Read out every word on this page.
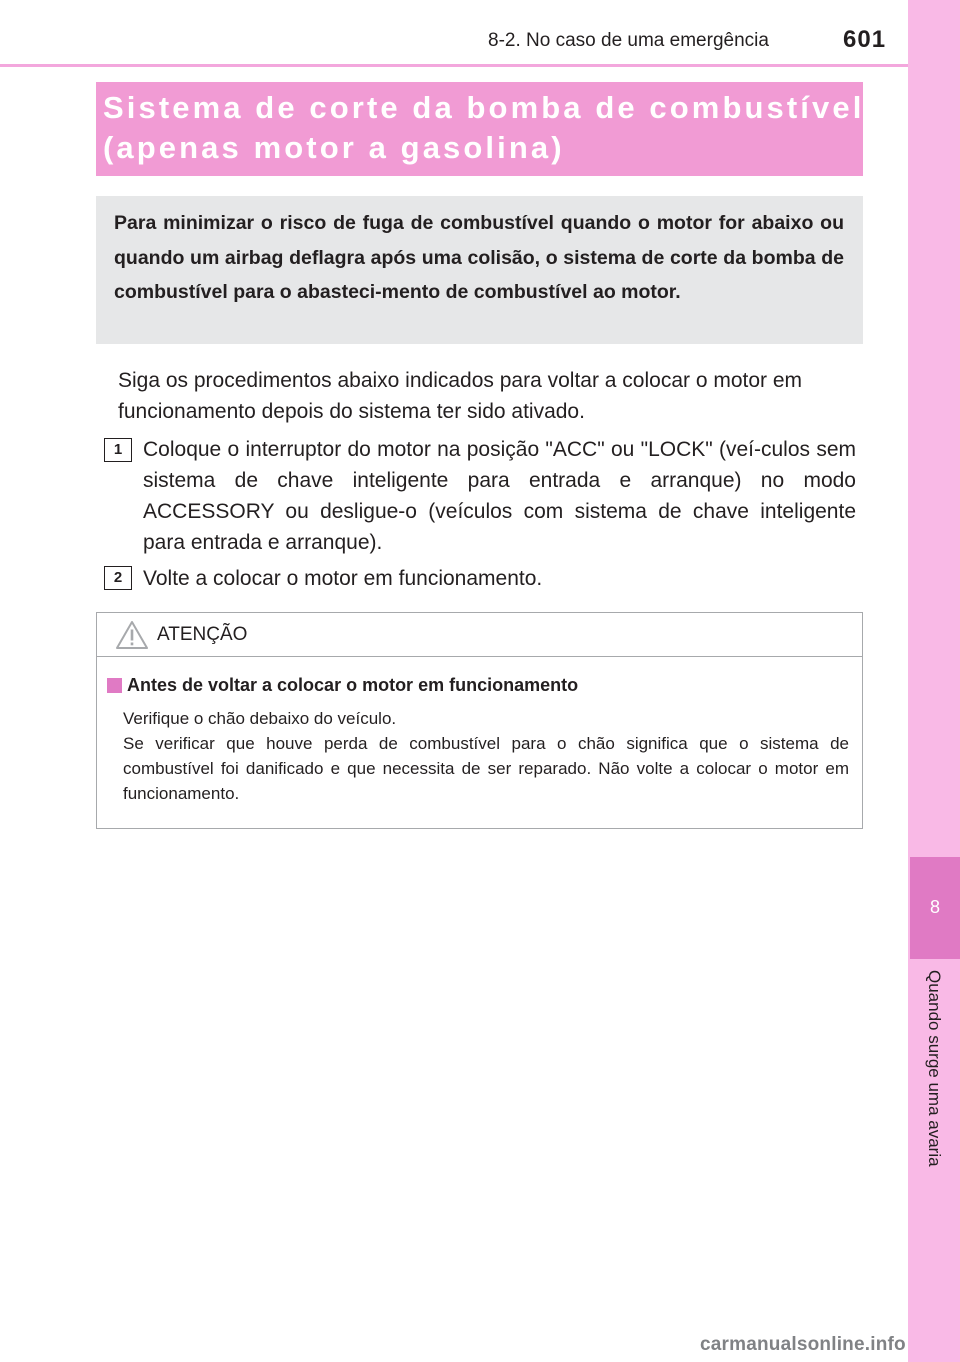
8-2. No caso de uma emergência	601
8
Quando surge uma avaria
Sistema de corte da bomba de combustível
(apenas motor a gasolina)

Para minimizar o risco de fuga de combustível quando o motor for abaixo ou quando um airbag deflagra após uma colisão, o sistema de corte da bomba de combustível para o abasteci-mento de combustível ao motor.

Siga os procedimentos abaixo indicados para voltar a colocar o motor em funcionamento depois do sistema ter sido ativado.

1 Coloque o interruptor do motor na posição "ACC" ou "LOCK" (veí-culos sem sistema de chave inteligente para entrada e arranque) no modo ACCESSORY ou desligue-o (veículos com sistema de chave inteligente para entrada e arranque).

2 Volte a colocar o motor em funcionamento.

ATENÇÃO
Antes de voltar a colocar o motor em funcionamento

Verifique o chão debaixo do veículo.
Se verificar que houve perda de combustível para o chão significa que o sistema de combustível foi danificado e que necessita de ser reparado. Não volte a colocar o motor em funcionamento.

carmanualsonline.info
